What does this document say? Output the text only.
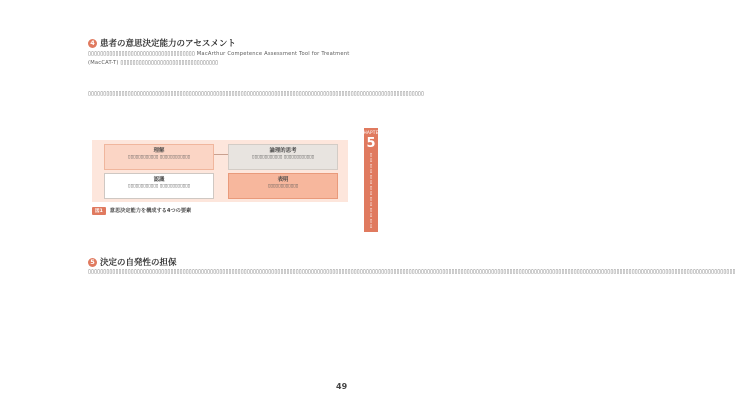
4 患者の意思決定能力のアセスメント
▯▯▯▯▯▯▯▯▯▯▯▯▯▯▯▯▯▯▯▯▯▯▯▯▯▯▯▯▯▯▯▯▯▯▯ MacArthur Competence Assessment Tool for Treatment (MacCAT-T) ▯▯▯▯▯▯▯▯▯▯▯▯▯▯▯▯▯▯▯▯▯▯▯▯▯▯▯▯▯▯▯▯
▯▯▯▯▯▯▯▯▯▯▯▯▯▯▯▯▯▯▯▯▯▯▯▯▯▯▯▯▯▯▯▯▯▯▯▯▯▯▯▯▯▯▯▯▯▯▯▯▯▯▯▯▯▯▯▯▯▯▯▯▯▯▯▯▯▯▯▯▯▯▯▯▯▯▯▯▯▯▯▯▯▯▯▯▯▯▯▯▯▯▯▯▯▯▯▯▯▯▯▯▯▯▯▯▯▯▯▯▯▯
理解
▯▯▯▯▯▯▯▯▯▯▯▯ ▯▯▯▯▯▯▯▯▯▯▯▯
論理的思考
▯▯▯▯▯▯▯▯▯▯▯▯ ▯▯▯▯▯▯▯▯▯▯▯▯
認識
▯▯▯▯▯▯▯▯▯▯▯▯ ▯▯▯▯▯▯▯▯▯▯▯▯
表明
▯▯▯▯▯▯▯▯▯▯▯▯
図1	意思決定能力を構成する4つの要素
5 決定の自発性の担保
▯▯▯▯▯▯▯▯▯▯▯▯▯▯▯▯▯▯▯▯▯▯▯▯▯▯▯▯▯▯▯▯▯▯▯▯▯▯▯▯▯▯▯▯▯▯▯▯▯▯▯▯▯▯▯▯▯▯▯▯▯▯▯▯▯▯▯▯▯▯▯▯▯▯▯▯▯▯▯▯▯▯▯▯▯▯▯▯▯▯▯▯▯▯▯▯▯▯▯▯▯▯▯▯▯▯▯▯▯▯▯▯▯▯▯▯▯▯▯▯▯▯▯▯▯▯▯▯▯▯▯▯▯▯▯▯▯▯▯▯▯▯▯▯▯▯▯▯▯▯▯▯▯▯▯▯▯▯▯▯▯▯▯▯▯▯▯▯▯▯▯▯▯▯▯▯▯▯▯▯▯▯▯▯▯▯▯▯▯▯▯▯▯▯▯▯▯▯▯▯▯▯▯▯▯▯▯▯▯▯▯▯
CHAPTER
5
▯▯▯▯▯▯▯▯▯▯▯▯▯▯
49
